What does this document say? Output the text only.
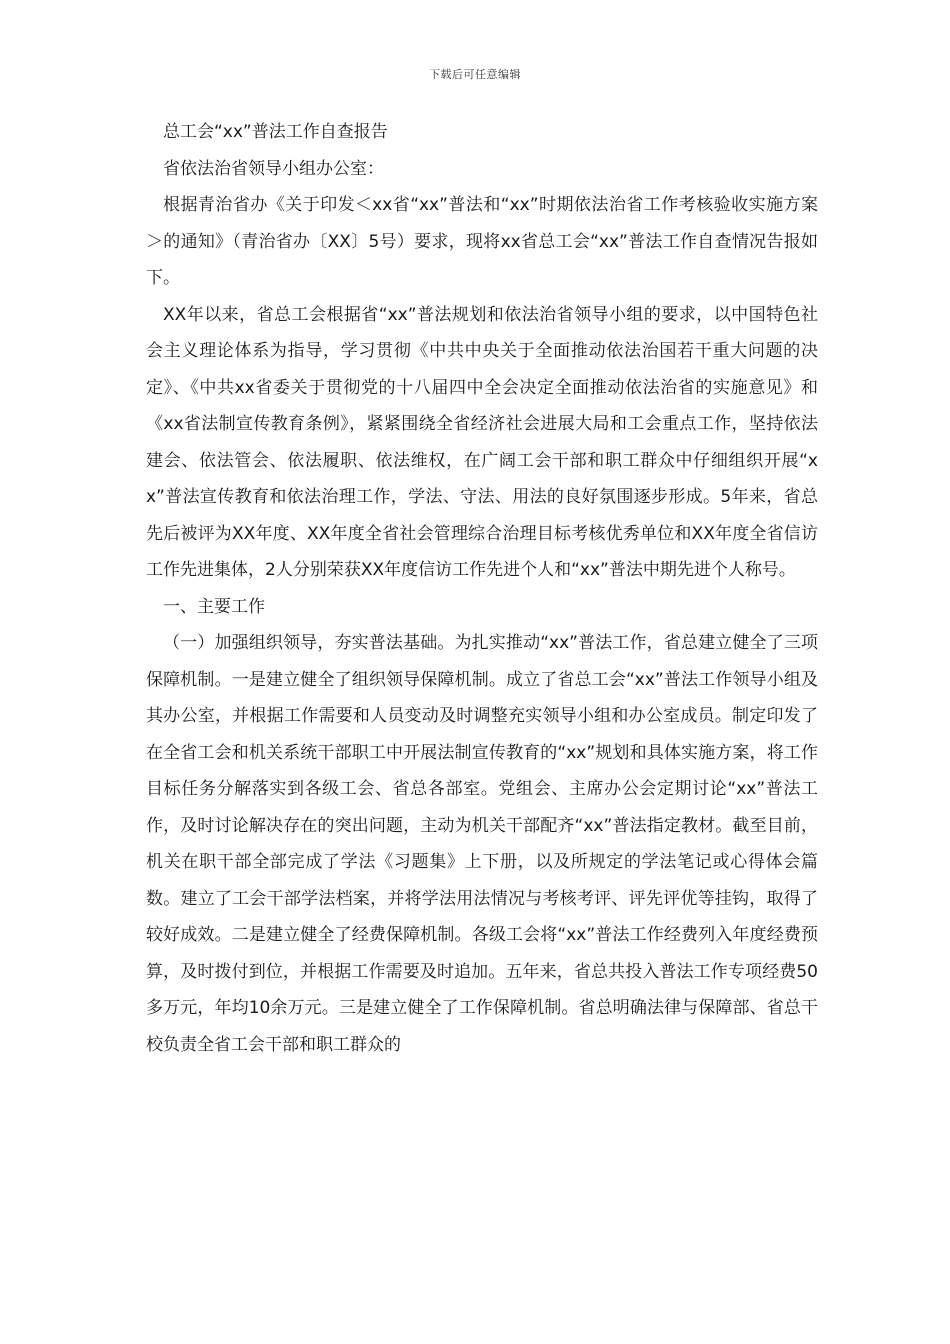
下载后可任意编辑

总工会“xx”普法工作自查报告

省依法治省领导小组办公室：

根据青治省办《关于印发＜xx省“xx”普法和“xx”时期依法治省工作考核验收实施方案＞的通知》（青治省办〔XX〕5号）要求，现将xx省总工会“xx”普法工作自查情况告报如下。

XX年以来，省总工会根据省“xx”普法规划和依法治省领导小组的要求，以中国特色社会主义理论体系为指导，学习贯彻《中共中央关于全面推动依法治国若干重大问题的决定》、《中共xx省委关于贯彻党的十八届四中全会决定全面推动依法治省的实施意见》和《xx省法制宣传教育条例》，紧紧围绕全省经济社会进展大局和工会重点工作，坚持依法建会、依法管会、依法履职、依法维权，在广阔工会干部和职工群众中仔细组织开展“xx”普法宣传教育和依法治理工作，学法、守法、用法的良好氛围逐步形成。5年来，省总先后被评为XX年度、XX年度全省社会管理综合治理目标考核优秀单位和XX年度全省信访工作先进集体，2人分别荣获XX年度信访工作先进个人和“xx”普法中期先进个人称号。

一、主要工作

（一）加强组织领导，夯实普法基础。为扎实推动“xx”普法工作，省总建立健全了三项保障机制。一是建立健全了组织领导保障机制。成立了省总工会“xx”普法工作领导小组及其办公室，并根据工作需要和人员变动及时调整充实领导小组和办公室成员。制定印发了在全省工会和机关系统干部职工中开展法制宣传教育的“xx”规划和具体实施方案，将工作目标任务分解落实到各级工会、省总各部室。党组会、主席办公会定期讨论“xx”普法工作，及时讨论解决存在的突出问题，主动为机关干部配齐“xx”普法指定教材。截至目前，机关在职干部全部完成了学法《习题集》上下册，以及所规定的学法笔记或心得体会篇数。建立了工会干部学法档案，并将学法用法情况与考核考评、评先评优等挂钩，取得了较好成效。二是建立健全了经费保障机制。各级工会将“xx”普法工作经费列入年度经费预算，及时拨付到位，并根据工作需要及时追加。五年来，省总共投入普法工作专项经费50多万元，年均10余万元。三是建立健全了工作保障机制。省总明确法律与保障部、省总干校负责全省工会干部和职工群众的
